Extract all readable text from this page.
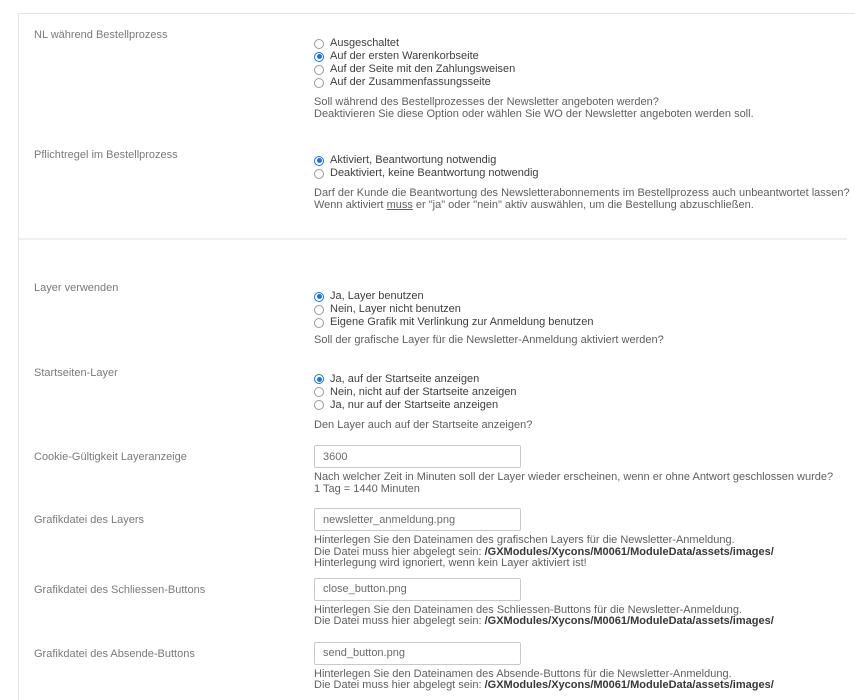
NL während Bestellprozess
Ausgeschaltet
Auf der ersten Warenkorbseite
Auf der Seite mit den Zahlungsweisen
Auf der Zusammenfassungsseite
Soll während des Bestellprozesses der Newsletter angeboten werden?
Deaktivieren Sie diese Option oder wählen Sie WO der Newsletter angeboten werden soll.
Pflichtregel im Bestellprozess	Aktiviert, Beantwortung notwendig
Deaktiviert, keine Beantwortung notwendig
Darf der Kunde die Beantwortung des Newsletterabonnements im Bestellprozess auch unbeantwortet lassen?
Wenn aktiviert muss er "ja" oder "nein" aktiv auswählen, um die Bestellung abzuschließen.
Layer verwenden
Ja, Layer benutzen
Nein, Layer nicht benutzen
Eigene Grafik mit Verlinkung zur Anmeldung benutzen
Soll der grafische Layer für die Newsletter-Anmeldung aktiviert werden?
Startseiten-Layer	Ja, auf der Startseite anzeigen
Nein, nicht auf der Startseite anzeigen
Ja, nur auf der Startseite anzeigen
Den Layer auch auf der Startseite anzeigen?
Cookie-Gültigkeit Layeranzeige
3600
Nach welcher Zeit in Minuten soll der Layer wieder erscheinen, wenn er ohne Antwort geschlossen wurde?
1 Tag = 1440 Minuten
Grafikdatei des Layers
newsletter_anmeldung.png
Hinterlegen Sie den Dateinamen des grafischen Layers für die Newsletter-Anmeldung.
Die Datei muss hier abgelegt sein: /GXModules/Xycons/M0061/ModuleData/assets/images/
Hinterlegung wird ignoriert, wenn kein Layer aktiviert ist!
Grafikdatei des Schliessen-Buttons
close_button.png
Hinterlegen Sie den Dateinamen des Schliessen-Buttons für die Newsletter-Anmeldung.
Die Datei muss hier abgelegt sein: /GXModules/Xycons/M0061/ModuleData/assets/images/
Grafikdatei des Absende-Buttons
send_button.png
Hinterlegen Sie den Dateinamen des Absende-Buttons für die Newsletter-Anmeldung.
Die Datei muss hier abgelegt sein: /GXModules/Xycons/M0061/ModuleData/assets/images/
